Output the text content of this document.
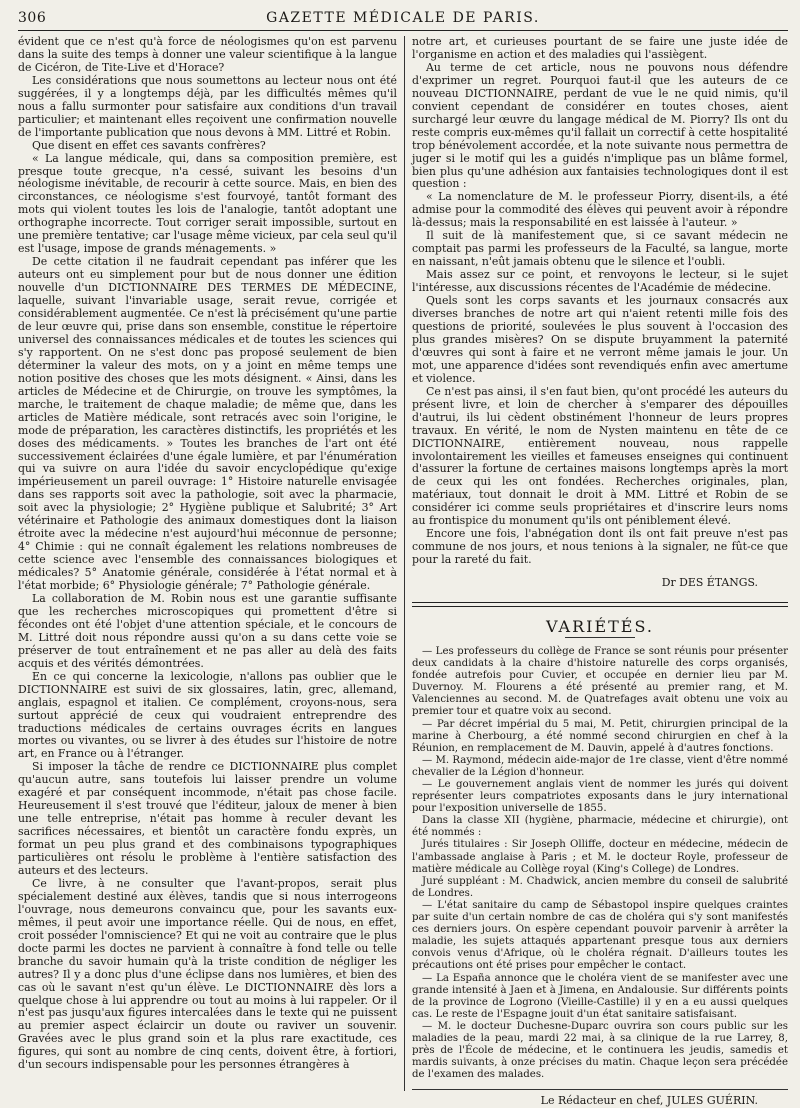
306	GAZETTE MÉDICALE DE PARIS.

évident que ce n'est qu'à force de néologismes qu'on est parvenu dans la suite des temps à donner une valeur scientifique à la langue de Cicéron, de Tite-Live et d'Horace?

Les considérations que nous soumettons au lecteur nous ont été suggérées, il y a longtemps déjà, par les difficultés mêmes qu'il nous a fallu surmonter pour satisfaire aux conditions d'un travail particulier; et maintenant elles reçoivent une confirmation nouvelle de l'importante publication que nous devons à MM. Littré et Robin.

Que disent en effet ces savants confrères?

« La langue médicale, qui, dans sa composition première, est presque toute grecque, n'a cessé, suivant les besoins d'un néologisme inévitable, de recourir à cette source. Mais, en bien des circonstances, ce néologisme s'est fourvoyé, tantôt formant des mots qui violent toutes les lois de l'analogie, tantôt adoptant une orthographe incorrecte. Tout corriger serait impossible, surtout en une première tentative; car l'usage même vicieux, par cela seul qu'il est l'usage, impose de grands ménagements. »

De cette citation il ne faudrait cependant pas inférer que les auteurs ont eu simplement pour but de nous donner une édition nouvelle d'un DICTIONNAIRE DES TERMES DE MÉDECINE, laquelle, suivant l'invariable usage, serait revue, corrigée et considérablement augmentée. Ce n'est là précisément qu'une partie de leur œuvre qui, prise dans son ensemble, constitue le répertoire universel des connaissances médicales et de toutes les sciences qui s'y rapportent. On ne s'est donc pas proposé seulement de bien déterminer la valeur des mots, on y a joint en même temps une notion positive des choses que les mots désignent. « Ainsi, dans les articles de Médecine et de Chirurgie, on trouve les symptômes, la marche, le traitement de chaque maladie; de même que, dans les articles de Matière médicale, sont retracés avec soin l'origine, le mode de préparation, les caractères distinctifs, les propriétés et les doses des médicaments. » Toutes les branches de l'art ont été successivement éclairées d'une égale lumière, et par l'énumération qui va suivre on aura l'idée du savoir encyclopédique qu'exige impérieusement un pareil ouvrage: 1° Histoire naturelle envisagée dans ses rapports soit avec la pathologie, soit avec la pharmacie, soit avec la physiologie; 2° Hygiène publique et Salubrité; 3° Art vétérinaire et Pathologie des animaux domestiques dont la liaison étroite avec la médecine n'est aujourd'hui méconnue de personne; 4° Chimie : qui ne connaît également les relations nombreuses de cette science avec l'ensemble des connaissances biologiques et médicales? 5° Anatomie générale, considérée à l'état normal et à l'état morbide; 6° Physiologie générale; 7° Pathologie générale.

La collaboration de M. Robin nous est une garantie suffisante que les recherches microscopiques qui promettent d'être si fécondes ont été l'objet d'une attention spéciale, et le concours de M. Littré doit nous répondre aussi qu'on a su dans cette voie se préserver de tout entraînement et ne pas aller au delà des faits acquis et des vérités démontrées.

En ce qui concerne la lexicologie, n'allons pas oublier que le DICTIONNAIRE est suivi de six glossaires, latin, grec, allemand, anglais, espagnol et italien. Ce complément, croyons-nous, sera surtout apprécié de ceux qui voudraient entreprendre des traductions médicales de certains ouvrages écrits en langues mortes ou vivantes, ou se livrer à des études sur l'histoire de notre art, en France ou à l'étranger.

Si imposer la tâche de rendre ce DICTIONNAIRE plus complet qu'aucun autre, sans toutefois lui laisser prendre un volume exagéré et par conséquent incommode, n'était pas chose facile. Heureusement il s'est trouvé que l'éditeur, jaloux de mener à bien une telle entreprise, n'était pas homme à reculer devant les sacrifices nécessaires, et bientôt un caractère fondu exprès, un format un peu plus grand et des combinaisons typographiques particulières ont résolu le problème à l'entière satisfaction des auteurs et des lecteurs.

Ce livre, à ne consulter que l'avant-propos, serait plus spécialement destiné aux élèves, tandis que si nous interrogeons l'ouvrage, nous demeurons convaincu que, pour les savants eux-mêmes, il peut avoir une importance réelle. Qui de nous, en effet, croit posséder l'omniscience? Et qui ne voit au contraire que le plus docte parmi les doctes ne parvient à connaître à fond telle ou telle branche du savoir humain qu'à la triste condition de négliger les autres? Il y a donc plus d'une éclipse dans nos lumières, et bien des cas où le savant n'est qu'un élève. Le DICTIONNAIRE dès lors a quelque chose à lui apprendre ou tout au moins à lui rappeler. Or il n'est pas jusqu'aux figures intercalées dans le texte qui ne puissent au premier aspect éclaircir un doute ou raviver un souvenir. Gravées avec le plus grand soin et la plus rare exactitude, ces figures, qui sont au nombre de cinq cents, doivent être, à fortiori, d'un secours indispensable pour les personnes étrangères à

notre art, et curieuses pourtant de se faire une juste idée de l'organisme en action et des maladies qui l'assiègent.

Au terme de cet article, nous ne pouvons nous défendre d'exprimer un regret. Pourquoi faut-il que les auteurs de ce nouveau DICTIONNAIRE, perdant de vue le ne quid nimis, qu'il convient cependant de considérer en toutes choses, aient surchargé leur œuvre du langage médical de M. Piorry? Ils ont du reste compris eux-mêmes qu'il fallait un correctif à cette hospitalité trop bénévolement accordée, et la note suivante nous permettra de juger si le motif qui les a guidés n'implique pas un blâme formel, bien plus qu'une adhésion aux fantaisies technologiques dont il est question :

« La nomenclature de M. le professeur Piorry, disent-ils, a été admise pour la commodité des élèves qui peuvent avoir à répondre là-dessus; mais la responsabilité en est laissée à l'auteur. »

Il suit de là manifestement que, si ce savant médecin ne comptait pas parmi les professeurs de la Faculté, sa langue, morte en naissant, n'eût jamais obtenu que le silence et l'oubli.

Mais assez sur ce point, et renvoyons le lecteur, si le sujet l'intéresse, aux discussions récentes de l'Académie de médecine.

Quels sont les corps savants et les journaux consacrés aux diverses branches de notre art qui n'aient retenti mille fois des questions de priorité, soulevées le plus souvent à l'occasion des plus grandes misères? On se dispute bruyamment la paternité d'œuvres qui sont à faire et ne verront même jamais le jour. Un mot, une apparence d'idées sont revendiqués enfin avec amertume et violence.

Ce n'est pas ainsi, il s'en faut bien, qu'ont procédé les auteurs du présent livre, et loin de chercher à s'emparer des dépouilles d'autrui, ils lui cèdent obstinément l'honneur de leurs propres travaux. En vérité, le nom de Nysten maintenu en tête de ce DICTIONNAIRE, entièrement nouveau, nous rappelle involontairement les vieilles et fameuses enseignes qui continuent d'assurer la fortune de certaines maisons longtemps après la mort de ceux qui les ont fondées. Recherches originales, plan, matériaux, tout donnait le droit à MM. Littré et Robin de se considérer ici comme seuls propriétaires et d'inscrire leurs noms au frontispice du monument qu'ils ont péniblement élevé.

Encore une fois, l'abnégation dont ils ont fait preuve n'est pas commune de nos jours, et nous tenions à la signaler, ne fût-ce que pour la rareté du fait.

Dr DES ÉTANGS.

VARIÉTÉS.

— Les professeurs du collège de France se sont réunis pour présenter deux candidats à la chaire d'histoire naturelle des corps organisés, fondée autrefois pour Cuvier, et occupée en dernier lieu par M. Duvernoy. M. Flourens a été présenté au premier rang, et M. Valenciennes au second. M. de Quatrefages avait obtenu une voix au premier tour et quatre voix au second.

— Par décret impérial du 5 mai, M. Petit, chirurgien principal de la marine à Cherbourg, a été nommé second chirurgien en chef à la Réunion, en remplacement de M. Dauvin, appelé à d'autres fonctions.

— M. Raymond, médecin aide-major de 1re classe, vient d'être nommé chevalier de la Légion d'honneur.

— Le gouvernement anglais vient de nommer les jurés qui doivent représenter leurs compatriotes exposants dans le jury international pour l'exposition universelle de 1855.

Dans la classe XII (hygiène, pharmacie, médecine et chirurgie), ont été nommés :

Jurés titulaires : Sir Joseph Olliffe, docteur en médecine, médecin de l'ambassade anglaise à Paris ; et M. le docteur Royle, professeur de matière médicale au Collège royal (King's College) de Londres.

Juré suppléant : M. Chadwick, ancien membre du conseil de salubrité de Londres.

— L'état sanitaire du camp de Sébastopol inspire quelques craintes par suite d'un certain nombre de cas de choléra qui s'y sont manifestés ces derniers jours. On espère cependant pouvoir parvenir à arrêter la maladie, les sujets attaqués appartenant presque tous aux derniers convois venus d'Afrique, où le choléra régnait. D'ailleurs toutes les précautions ont été prises pour empêcher le contact.

— La España annonce que le choléra vient de se manifester avec une grande intensité à Jaen et à Jimena, en Andalousie. Sur différents points de la province de Logrono (Vieille-Castille) il y en a eu aussi quelques cas. Le reste de l'Espagne jouit d'un état sanitaire satisfaisant.

— M. le docteur Duchesne-Duparc ouvrira son cours public sur les maladies de la peau, mardi 22 mai, à sa clinique de la rue Larrey, 8, près de l'École de médecine, et le continuera les jeudis, samedis et mardis suivants, à onze précises du matin. Chaque leçon sera précédée de l'examen des malades.

Le Rédacteur en chef, JULES GUÉRIN.
